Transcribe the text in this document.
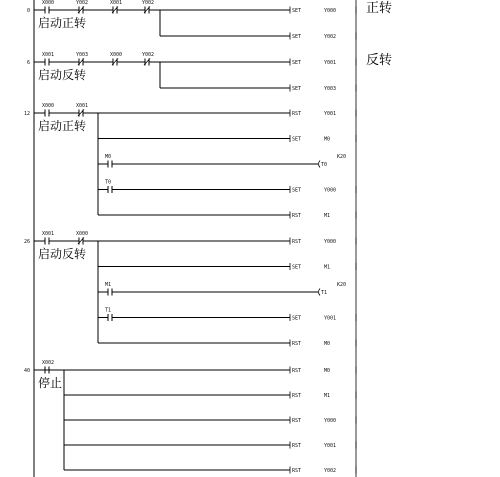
0
X000	Y002	X001	Y002
启动正转
正转
SET	Y000
SET	Y002
6
X001	Y003	X000	Y002
启动反转
反转
SET	Y001
SET	Y003
12
X000	X001
启动正转
RST	Y001
SET	M0
M0
T0
K20
T0
SET	Y000
RST	M1
26
X001	X000
启动反转
RST	Y000
SET	M1
M1
T1
K20
T1
SET	Y001
RST	M0
40
X002
停止
RST	M0
RST	M1
RST	Y000
RST	Y001
RST	Y002
